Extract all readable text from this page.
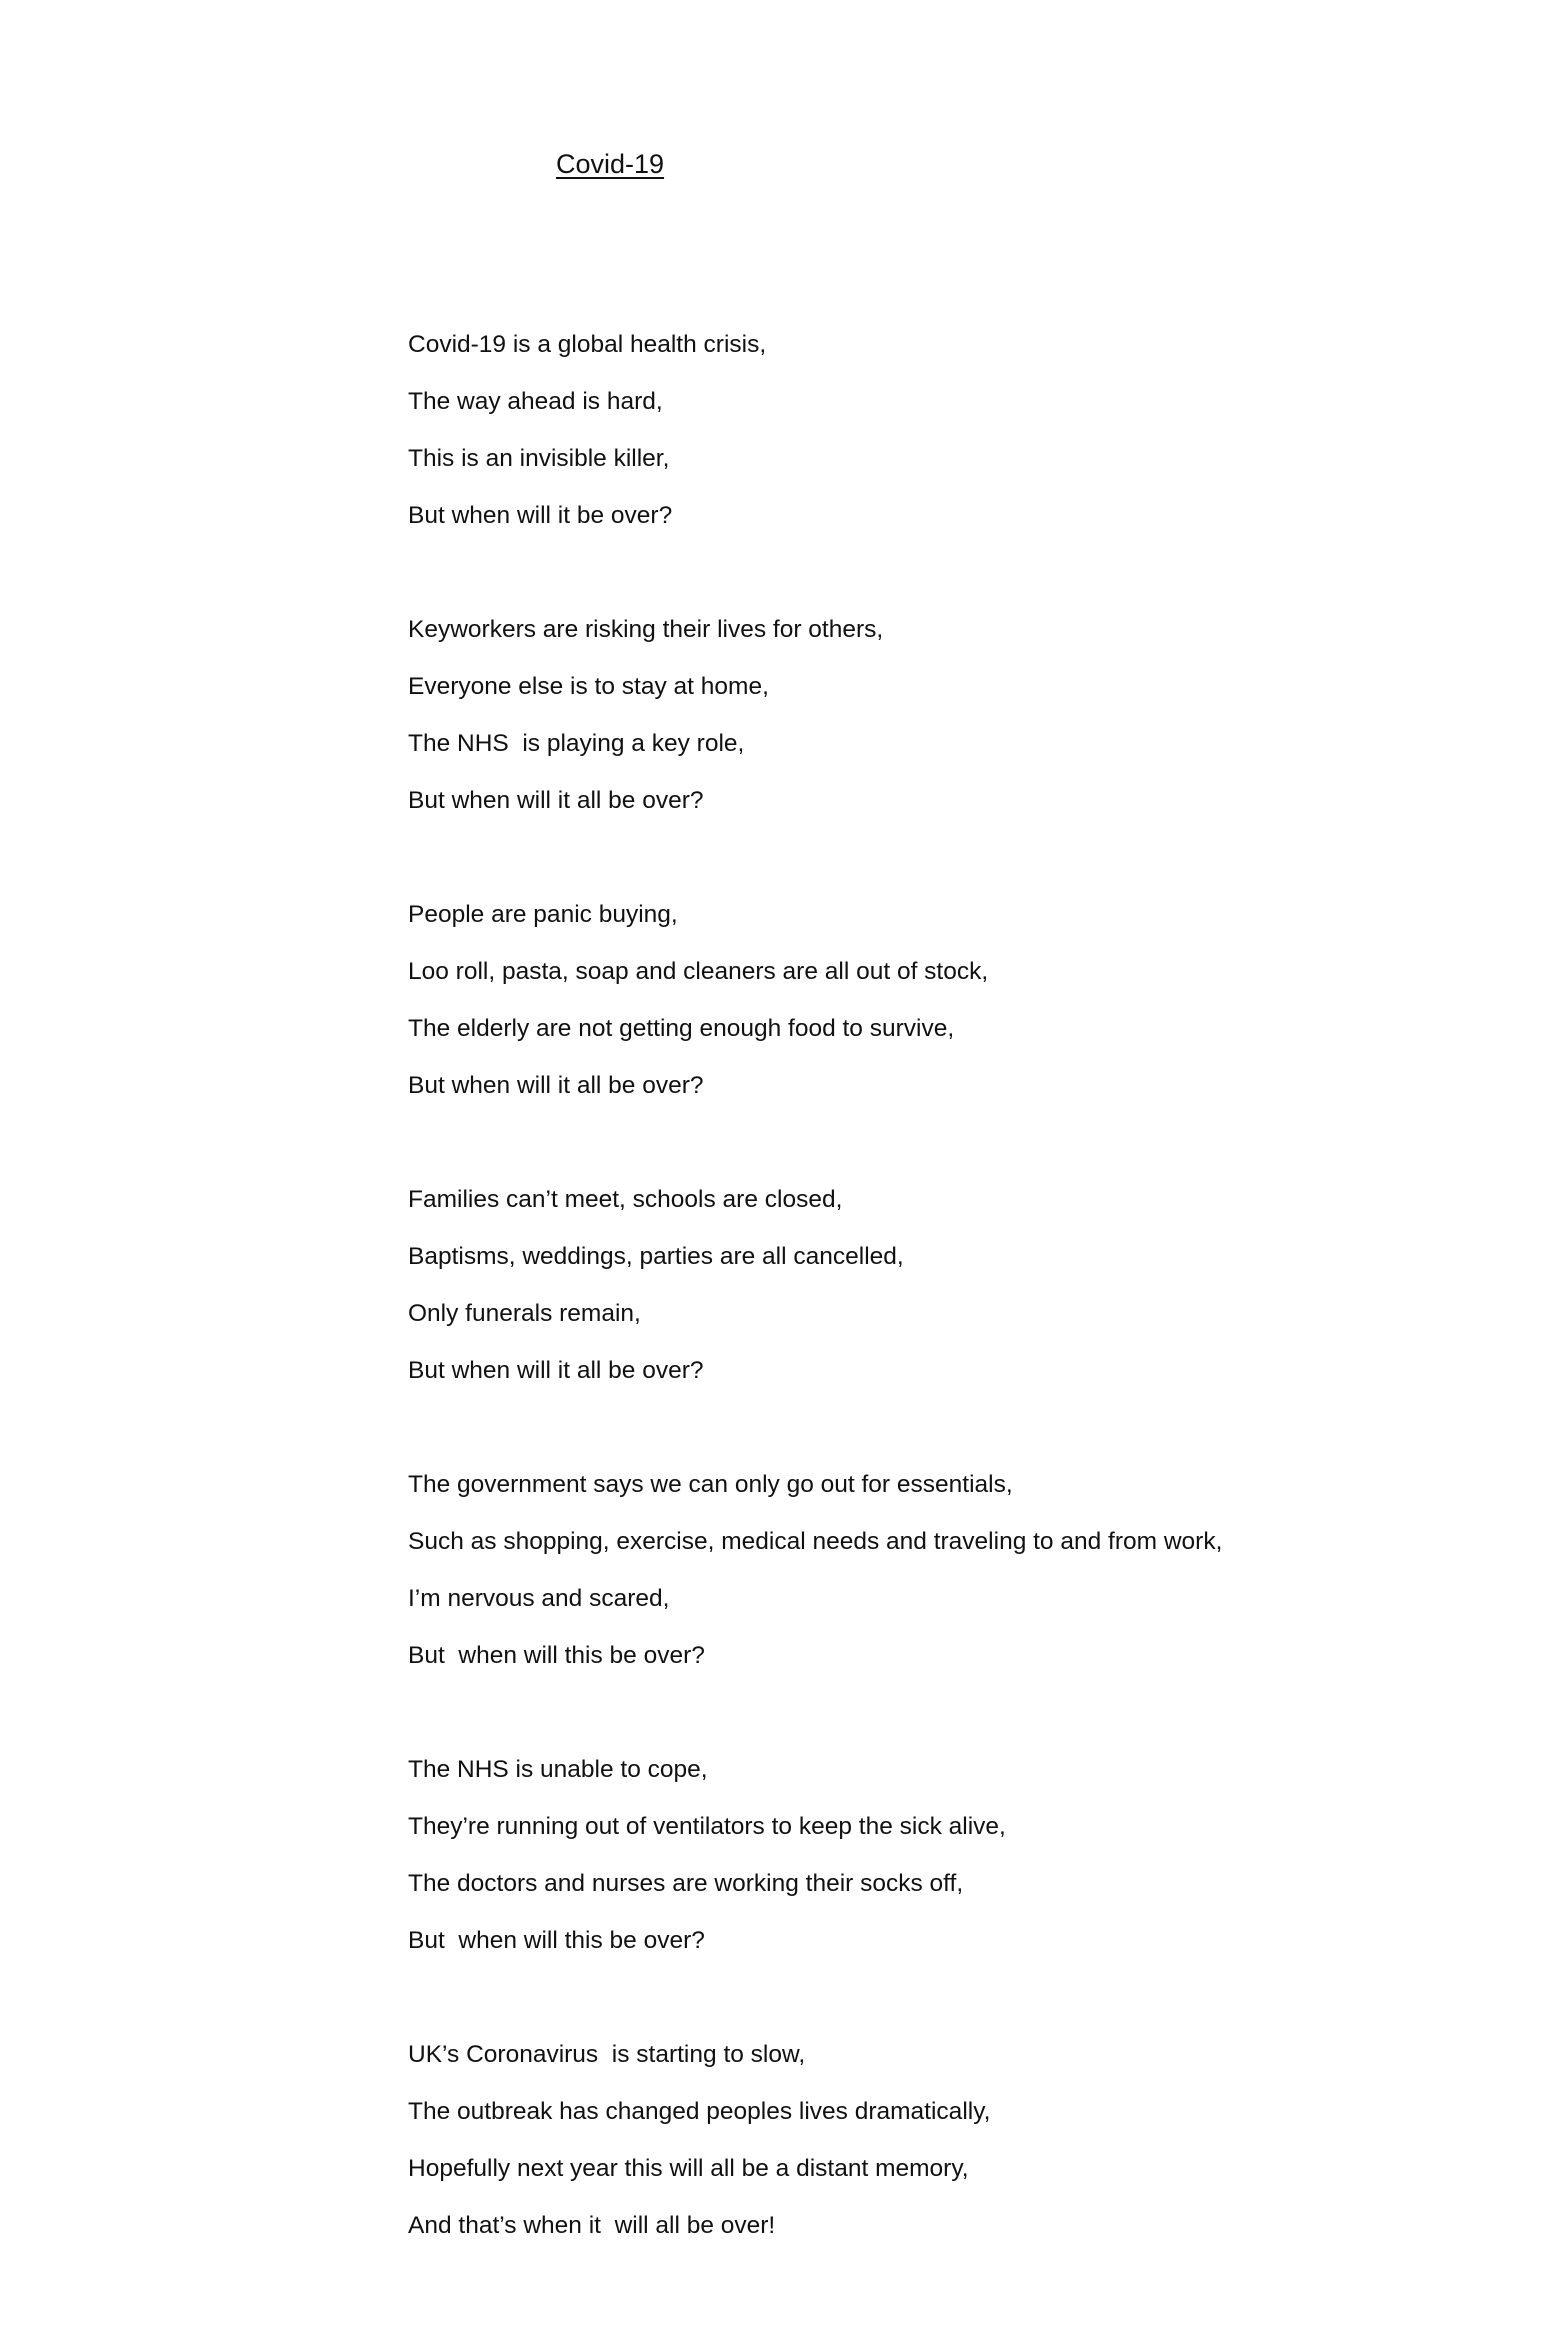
Covid-19
Covid-19 is a global health crisis,
The way ahead is hard,
This is an invisible killer,
But when will it be over?
Keyworkers are risking their lives for others,
Everyone else is to stay at home,
The NHS  is playing a key role,
But when will it all be over?
People are panic buying,
Loo roll, pasta, soap and cleaners are all out of stock,
The elderly are not getting enough food to survive,
But when will it all be over?
Families can’t meet, schools are closed,
Baptisms, weddings, parties are all cancelled,
Only funerals remain,
But when will it all be over?
The government says we can only go out for essentials,
Such as shopping, exercise, medical needs and traveling to and from work,
I’m nervous and scared,
But  when will this be over?
The NHS is unable to cope,
They’re running out of ventilators to keep the sick alive,
The doctors and nurses are working their socks off,
But  when will this be over?
UK’s Coronavirus  is starting to slow,
The outbreak has changed peoples lives dramatically,
Hopefully next year this will all be a distant memory,
And that’s when it  will all be over!
